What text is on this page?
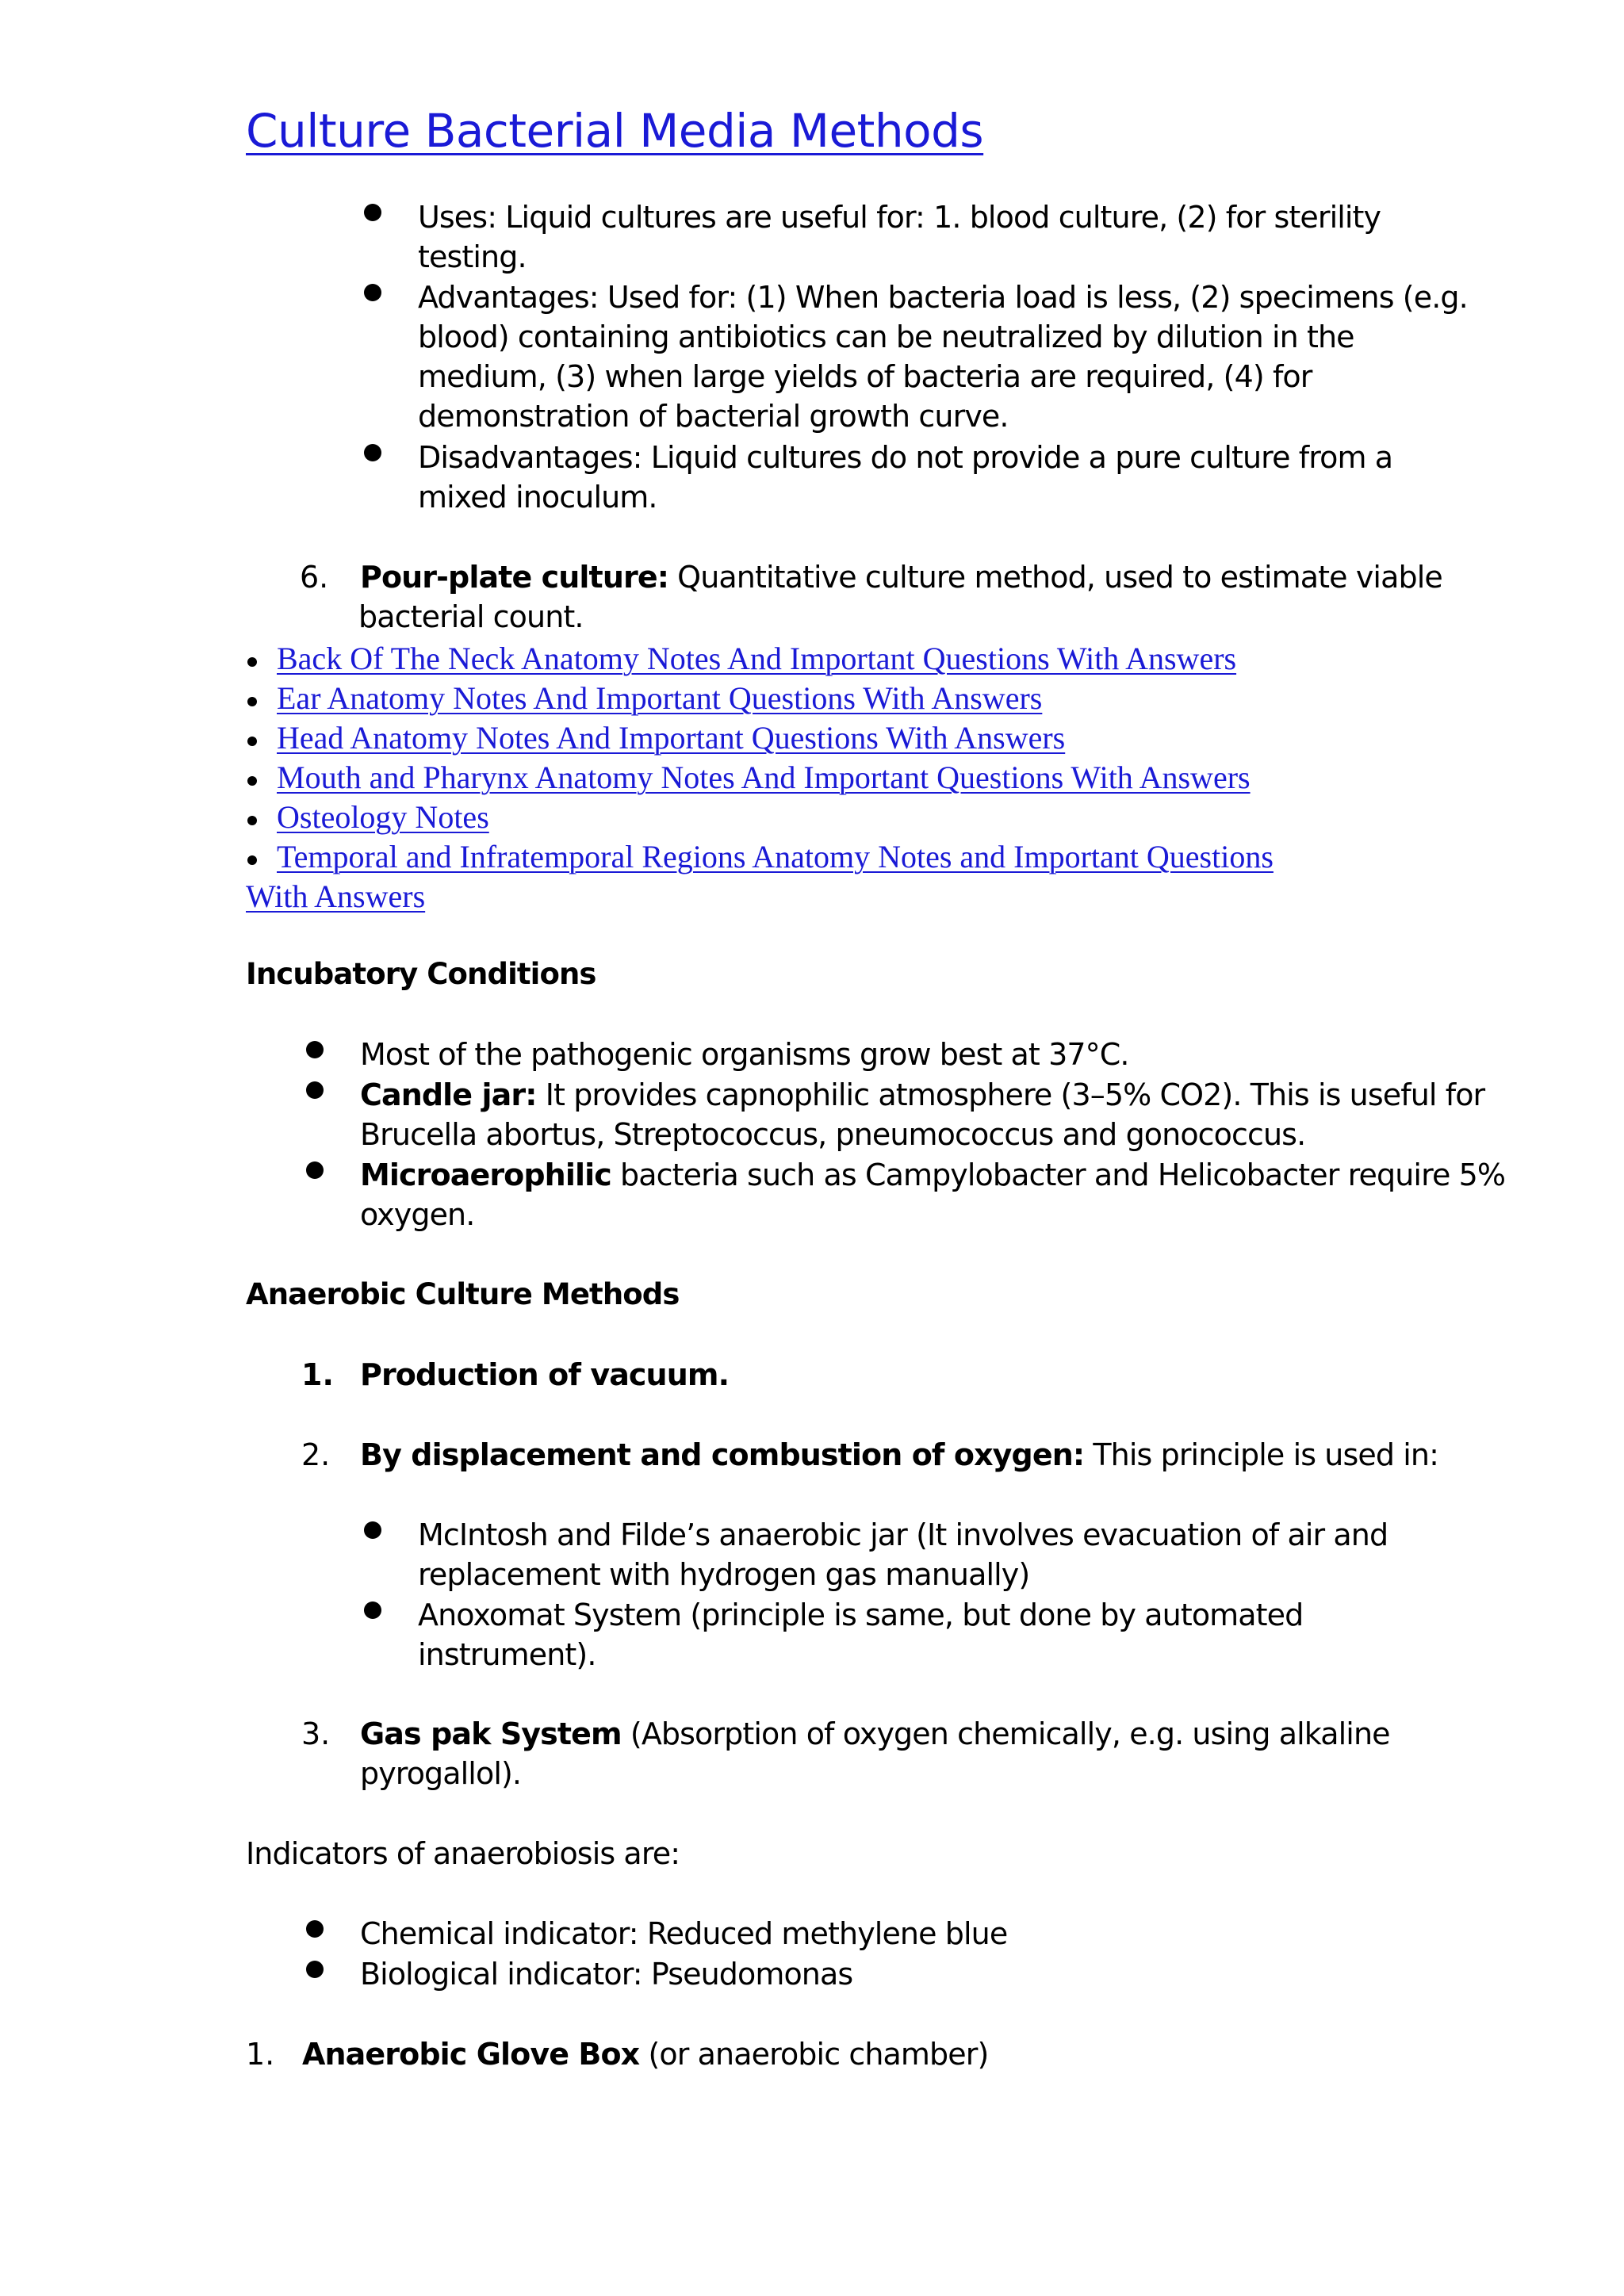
Culture Bacterial Media Methods
Uses: Liquid cultures are useful for: 1. blood culture, (2) for sterility
testing.
Advantages: Used for: (1) When bacteria load is less, (2) specimens (e.g.
blood) containing antibiotics can be neutralized by dilution in the
medium, (3) when large yields of bacteria are required, (4) for
demonstration of bacterial growth curve.
Disadvantages: Liquid cultures do not provide a pure culture from a
mixed inoculum.
6. Pour-plate culture: Quantitative culture method, used to estimate viable
bacterial count.
Back Of The Neck Anatomy Notes And Important Questions With Answers
Ear Anatomy Notes And Important Questions With Answers
Head Anatomy Notes And Important Questions With Answers
Mouth and Pharynx Anatomy Notes And Important Questions With Answers
Osteology Notes
Temporal and Infratemporal Regions Anatomy Notes and Important Questions
With Answers
Incubatory Conditions
Most of the pathogenic organisms grow best at 37°C.
Candle jar: It provides capnophilic atmosphere (3–5% CO2). This is useful for
Brucella abortus, Streptococcus, pneumococcus and gonococcus.
Microaerophilic bacteria such as Campylobacter and Helicobacter require 5%
oxygen.
Anaerobic Culture Methods
1. Production of vacuum.
2. By displacement and combustion of oxygen: This principle is used in:
McIntosh and Filde’s anaerobic jar (It involves evacuation of air and
replacement with hydrogen gas manually)
Anoxomat System (principle is same, but done by automated
instrument).
3. Gas pak System (Absorption of oxygen chemically, e.g. using alkaline
pyrogallol).
Indicators of anaerobiosis are:
Chemical indicator: Reduced methylene blue
Biological indicator: Pseudomonas
1. Anaerobic Glove Box (or anaerobic chamber)
